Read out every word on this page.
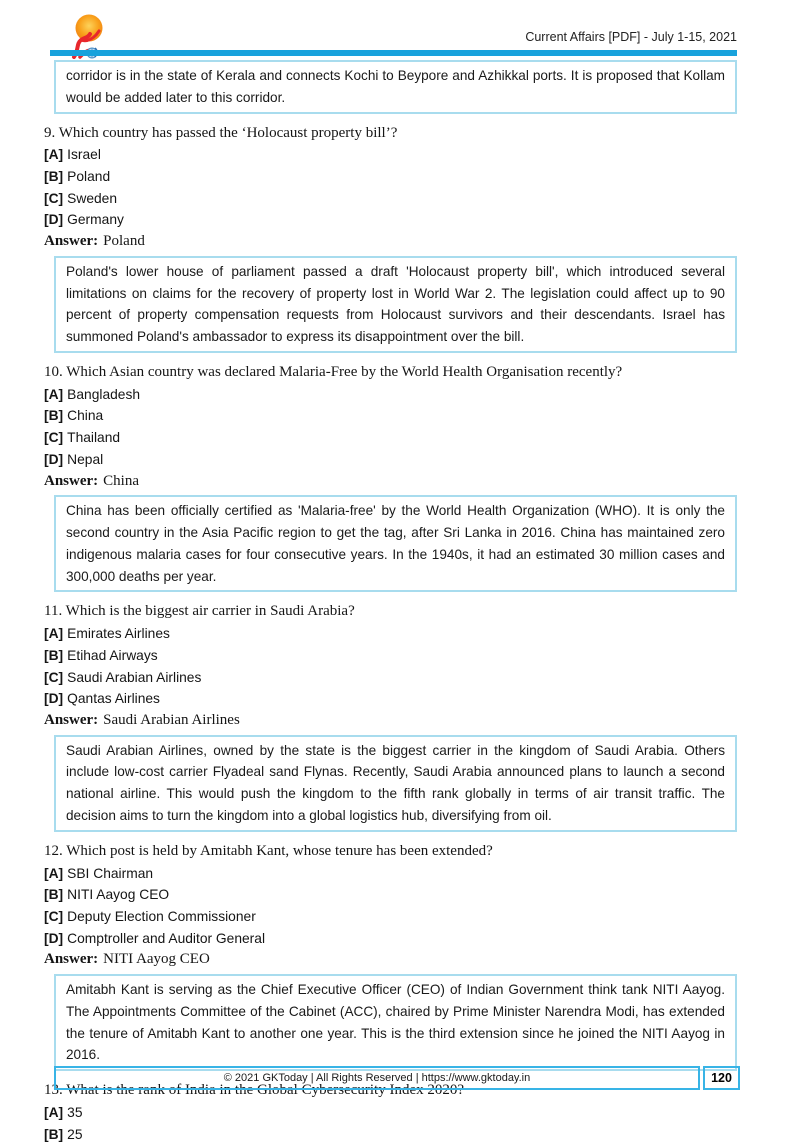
Current Affairs [PDF] - July 1-15, 2021
corridor is in the state of Kerala and connects Kochi to Beypore and Azhikkal ports. It is proposed that Kollam would be added later to this corridor.
9. Which country has passed the ‘Holocaust property bill’?
[A] Israel
[B] Poland
[C] Sweden
[D] Germany
Answer: Poland
Poland's lower house of parliament passed a draft 'Holocaust property bill', which introduced several limitations on claims for the recovery of property lost in World War 2. The legislation could affect up to 90 percent of property compensation requests from Holocaust survivors and their descendants. Israel has summoned Poland's ambassador to express its disappointment over the bill.
10. Which Asian country was declared Malaria-Free by the World Health Organisation recently?
[A] Bangladesh
[B] China
[C] Thailand
[D] Nepal
Answer: China
China has been officially certified as 'Malaria-free' by the World Health Organization (WHO). It is only the second country in the Asia Pacific region to get the tag, after Sri Lanka in 2016. China has maintained zero indigenous malaria cases for four consecutive years. In the 1940s, it had an estimated 30 million cases and 300,000 deaths per year.
11. Which is the biggest air carrier in Saudi Arabia?
[A] Emirates Airlines
[B] Etihad Airways
[C] Saudi Arabian Airlines
[D] Qantas Airlines
Answer: Saudi Arabian Airlines
Saudi Arabian Airlines, owned by the state is the biggest carrier in the kingdom of Saudi Arabia. Others include low-cost carrier Flyadeal sand Flynas. Recently, Saudi Arabia announced plans to launch a second national airline. This would push the kingdom to the fifth rank globally in terms of air transit traffic. The decision aims to turn the kingdom into a global logistics hub, diversifying from oil.
12. Which post is held by Amitabh Kant, whose tenure has been extended?
[A] SBI Chairman
[B] NITI Aayog CEO
[C] Deputy Election Commissioner
[D] Comptroller and Auditor General
Answer: NITI Aayog CEO
Amitabh Kant is serving as the Chief Executive Officer (CEO) of Indian Government think tank NITI Aayog. The Appointments Committee of the Cabinet (ACC), chaired by Prime Minister Narendra Modi, has extended the tenure of Amitabh Kant to another one year. This is the third extension since he joined the NITI Aayog in 2016.
13. What is the rank of India in the Global Cybersecurity Index 2020?
[A] 35
[B] 25
© 2021 GKToday | All Rights Reserved | https://www.gktoday.in	120
